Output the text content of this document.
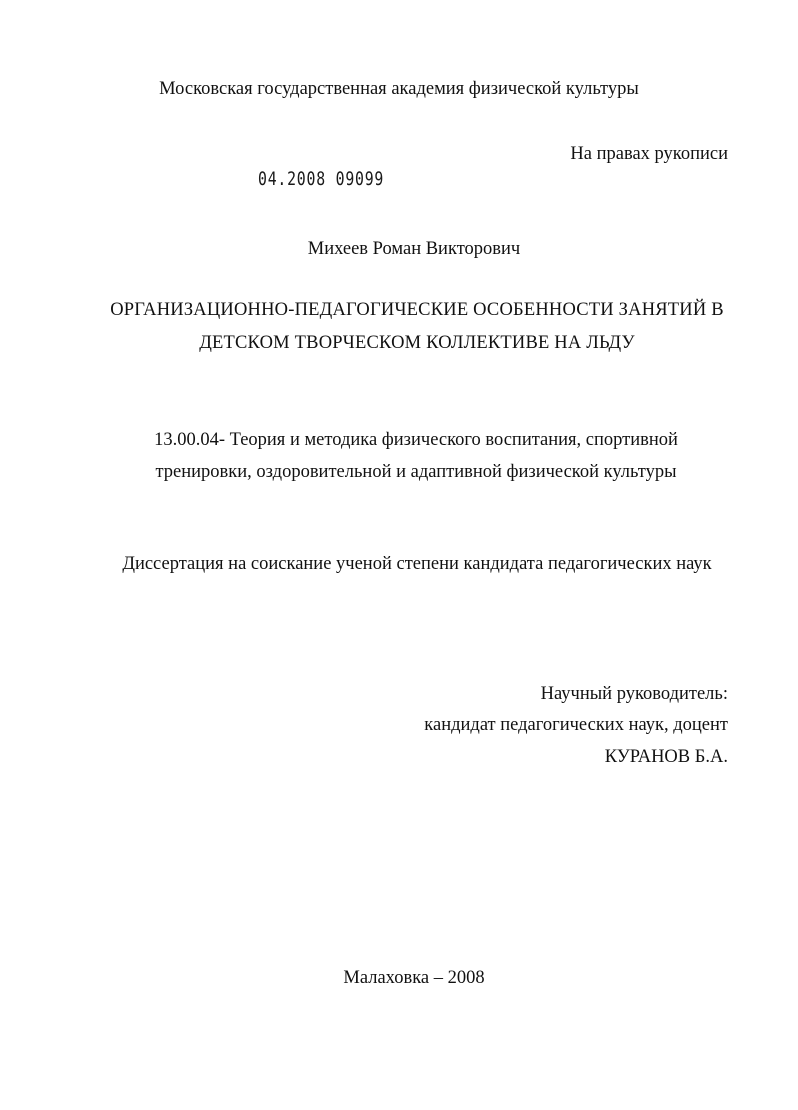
Московская государственная академия физической культуры
На правах рукописи
04.2008 09099
Михеев Роман Викторович
ОРГАНИЗАЦИОННО-ПЕДАГОГИЧЕСКИЕ ОСОБЕННОСТИ ЗАНЯТИЙ В
ДЕТСКОМ ТВОРЧЕСКОМ КОЛЛЕКТИВЕ НА ЛЬДУ
13.00.04- Теория и методика физического воспитания, спортивной
тренировки, оздоровительной и адаптивной физической культуры
Диссертация на соискание ученой степени кандидата педагогических наук
Научный руководитель:
кандидат педагогических наук, доцент
КУРАНОВ Б.А.
Малаховка – 2008
